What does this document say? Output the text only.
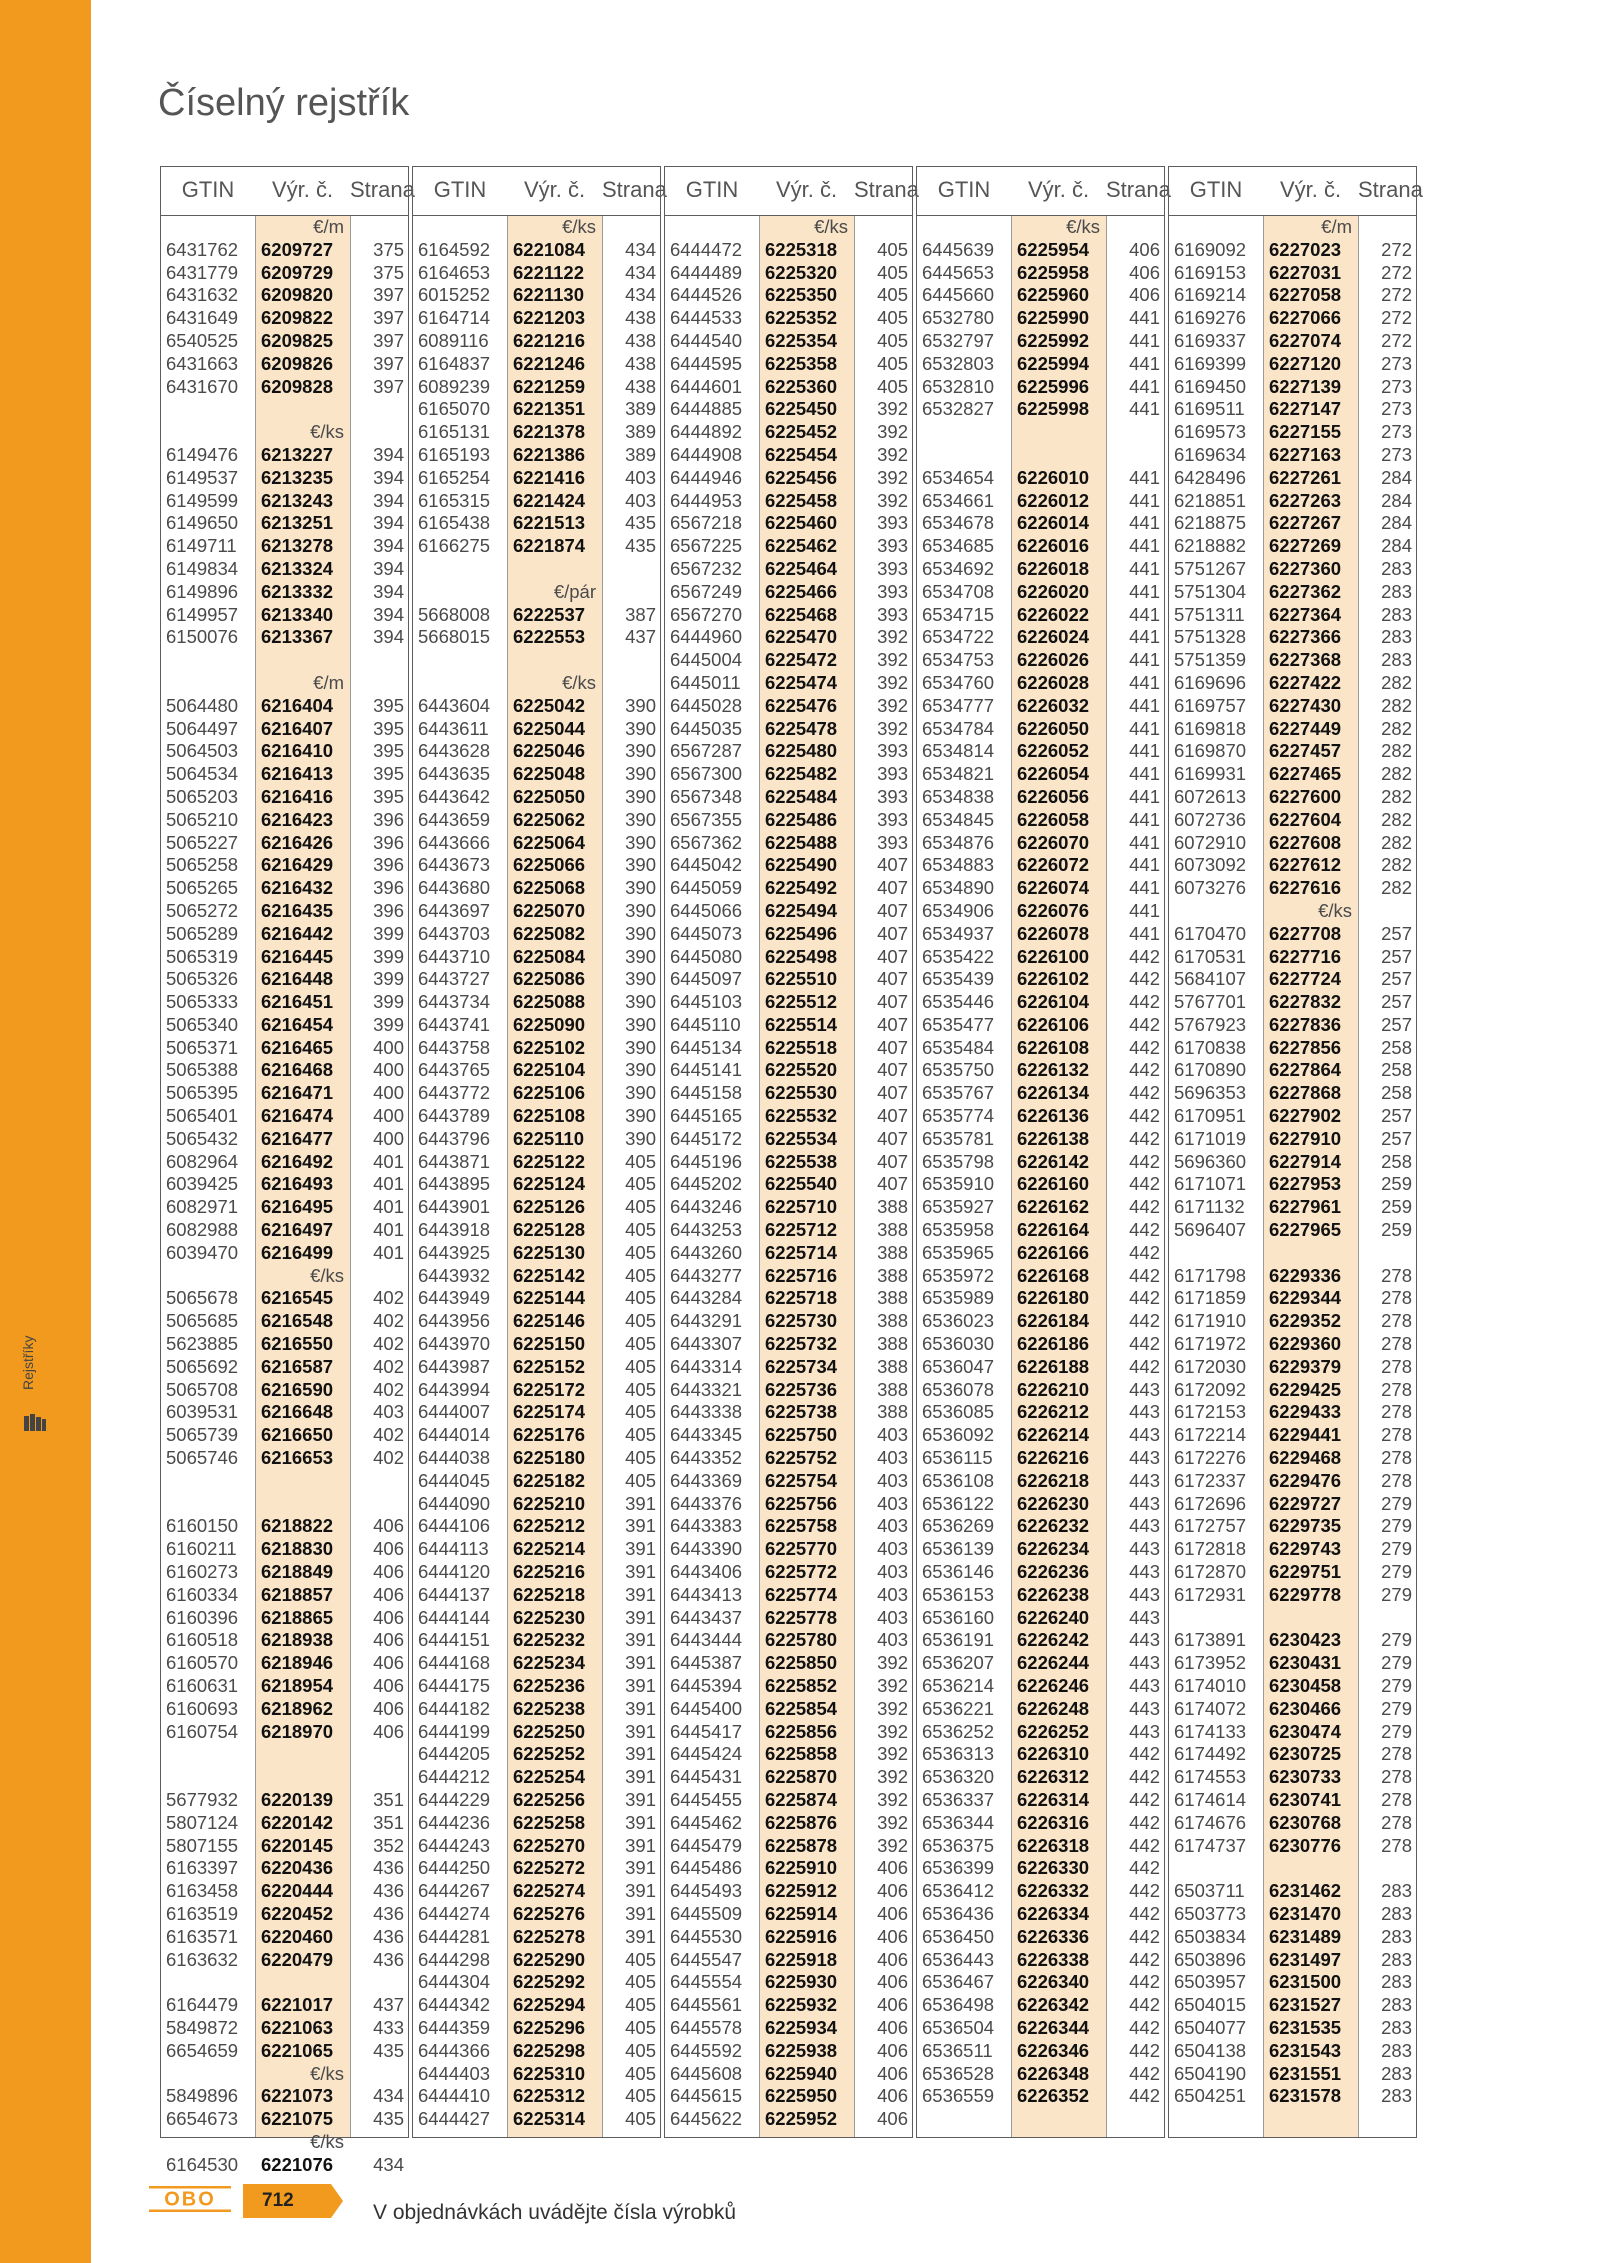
Rejstříky
Číselný rejstřík
GTIN	Výr. č. Strana
€/m
6431762 6209727 375
6431779 6209729 375
6431632 6209820 397
6431649 6209822 397
6540525 6209825 397
6431663 6209826 397
6431670 6209828 397
€/ks
6149476 6213227 394
6149537 6213235 394
6149599 6213243 394
6149650 6213251 394
6149711 6213278 394
6149834 6213324 394
6149896 6213332 394
6149957 6213340 394
6150076 6213367 394
€/m
5064480 6216404 395
5064497 6216407 395
5064503 6216410 395
5064534 6216413 395
5065203 6216416 395
5065210 6216423 396
5065227 6216426 396
5065258 6216429 396
5065265 6216432 396
5065272 6216435 396
5065289 6216442 399
5065319 6216445 399
5065326 6216448 399
5065333 6216451 399
5065340 6216454 399
5065371 6216465 400
5065388 6216468 400
5065395 6216471 400
5065401 6216474 400
5065432 6216477 400
6082964 6216492 401
6039425 6216493 401
6082971 6216495 401
6082988 6216497 401
6039470 6216499 401
€/ks
5065678 6216545 402
5065685 6216548 402
5623885 6216550 402
5065692 6216587 402
5065708 6216590 402
6039531 6216648 403
5065739 6216650 402
5065746 6216653 402
6160150 6218822 406
6160211 6218830 406
6160273 6218849 406
6160334 6218857 406
6160396 6218865 406
6160518 6218938 406
6160570 6218946 406
6160631 6218954 406
6160693 6218962 406
6160754 6218970 406
5677932 6220139 351
5807124 6220142 351
5807155 6220145 352
6163397 6220436 436
6163458 6220444 436
6163519 6220452 436
6163571 6220460 436
6163632 6220479 436
6164479 6221017 437
5849872 6221063 433
6654659 6221065 435
€/ks
5849896 6221073 434
6654673 6221075 435
€/ks
6164530 6221076 434
GTIN	Výr. č. Strana
€/ks
6164592 6221084 434
6164653 6221122 434
6015252 6221130 434
6164714 6221203 438
6089116 6221216 438
6164837 6221246 438
6089239 6221259 438
6165070 6221351 389
6165131 6221378 389
6165193 6221386 389
6165254 6221416 403
6165315 6221424 403
6165438 6221513 435
6166275 6221874 435
€/pár
5668008 6222537 387
5668015 6222553 437
€/ks
6443604 6225042 390
6443611 6225044 390
6443628 6225046 390
6443635 6225048 390
6443642 6225050 390
6443659 6225062 390
6443666 6225064 390
6443673 6225066 390
6443680 6225068 390
6443697 6225070 390
6443703 6225082 390
6443710 6225084 390
6443727 6225086 390
6443734 6225088 390
6443741 6225090 390
6443758 6225102 390
6443765 6225104 390
6443772 6225106 390
6443789 6225108 390
6443796 6225110 390
6443871 6225122 405
6443895 6225124 405
6443901 6225126 405
6443918 6225128 405
6443925 6225130 405
6443932 6225142 405
6443949 6225144 405
6443956 6225146 405
6443970 6225150 405
6443987 6225152 405
6443994 6225172 405
6444007 6225174 405
6444014 6225176 405
6444038 6225180 405
6444045 6225182 405
6444090 6225210 391
6444106 6225212 391
6444113 6225214 391
6444120 6225216 391
6444137 6225218 391
6444144 6225230 391
6444151 6225232 391
6444168 6225234 391
6444175 6225236 391
6444182 6225238 391
6444199 6225250 391
6444205 6225252 391
6444212 6225254 391
6444229 6225256 391
6444236 6225258 391
6444243 6225270 391
6444250 6225272 391
6444267 6225274 391
6444274 6225276 391
6444281 6225278 391
6444298 6225290 405
6444304 6225292 405
6444342 6225294 405
6444359 6225296 405
6444366 6225298 405
6444403 6225310 405
6444410 6225312 405
6444427 6225314 405
GTIN	Výr. č. Strana
€/ks
6444472 6225318 405
6444489 6225320 405
6444526 6225350 405
6444533 6225352 405
6444540 6225354 405
6444595 6225358 405
6444601 6225360 405
6444885 6225450 392
6444892 6225452 392
6444908 6225454 392
6444946 6225456 392
6444953 6225458 392
6567218 6225460 393
6567225 6225462 393
6567232 6225464 393
6567249 6225466 393
6567270 6225468 393
6444960 6225470 392
6445004 6225472 392
6445011 6225474 392
6445028 6225476 392
6445035 6225478 392
6567287 6225480 393
6567300 6225482 393
6567348 6225484 393
6567355 6225486 393
6567362 6225488 393
6445042 6225490 407
6445059 6225492 407
6445066 6225494 407
6445073 6225496 407
6445080 6225498 407
6445097 6225510 407
6445103 6225512 407
6445110 6225514 407
6445134 6225518 407
6445141 6225520 407
6445158 6225530 407
6445165 6225532 407
6445172 6225534 407
6445196 6225538 407
6445202 6225540 407
6443246 6225710 388
6443253 6225712 388
6443260 6225714 388
6443277 6225716 388
6443284 6225718 388
6443291 6225730 388
6443307 6225732 388
6443314 6225734 388
6443321 6225736 388
6443338 6225738 388
6443345 6225750 403
6443352 6225752 403
6443369 6225754 403
6443376 6225756 403
6443383 6225758 403
6443390 6225770 403
6443406 6225772 403
6443413 6225774 403
6443437 6225778 403
6443444 6225780 403
6445387 6225850 392
6445394 6225852 392
6445400 6225854 392
6445417 6225856 392
6445424 6225858 392
6445431 6225870 392
6445455 6225874 392
6445462 6225876 392
6445479 6225878 392
6445486 6225910 406
6445493 6225912 406
6445509 6225914 406
6445530 6225916 406
6445547 6225918 406
6445554 6225930 406
6445561 6225932 406
6445578 6225934 406
6445592 6225938 406
6445608 6225940 406
6445615 6225950 406
6445622 6225952 406
GTIN	Výr. č. Strana
€/ks
6445639 6225954 406
6445653 6225958 406
6445660 6225960 406
6532780 6225990 441
6532797 6225992 441
6532803 6225994 441
6532810 6225996 441
6532827 6225998 441
6534654 6226010 441
6534661 6226012 441
6534678 6226014 441
6534685 6226016 441
6534692 6226018 441
6534708 6226020 441
6534715 6226022 441
6534722 6226024 441
6534753 6226026 441
6534760 6226028 441
6534777 6226032 441
6534784 6226050 441
6534814 6226052 441
6534821 6226054 441
6534838 6226056 441
6534845 6226058 441
6534876 6226070 441
6534883 6226072 441
6534890 6226074 441
6534906 6226076 441
6534937 6226078 441
6535422 6226100 442
6535439 6226102 442
6535446 6226104 442
6535477 6226106 442
6535484 6226108 442
6535750 6226132 442
6535767 6226134 442
6535774 6226136 442
6535781 6226138 442
6535798 6226142 442
6535910 6226160 442
6535927 6226162 442
6535958 6226164 442
6535965 6226166 442
6535972 6226168 442
6535989 6226180 442
6536023 6226184 442
6536030 6226186 442
6536047 6226188 442
6536078 6226210 443
6536085 6226212 443
6536092 6226214 443
6536115 6226216 443
6536108 6226218 443
6536122 6226230 443
6536269 6226232 443
6536139 6226234 443
6536146 6226236 443
6536153 6226238 443
6536160 6226240 443
6536191 6226242 443
6536207 6226244 443
6536214 6226246 443
6536221 6226248 443
6536252 6226252 443
6536313 6226310 442
6536320 6226312 442
6536337 6226314 442
6536344 6226316 442
6536375 6226318 442
6536399 6226330 442
6536412 6226332 442
6536436 6226334 442
6536450 6226336 442
6536443 6226338 442
6536467 6226340 442
6536498 6226342 442
6536504 6226344 442
6536511 6226346 442
6536528 6226348 442
6536559 6226352 442
GTIN	Výr. č. Strana
€/m
6169092 6227023 272
6169153 6227031 272
6169214 6227058 272
6169276 6227066 272
6169337 6227074 272
6169399 6227120 273
6169450 6227139 273
6169511 6227147 273
6169573 6227155 273
6169634 6227163 273
6428496 6227261 284
6218851 6227263 284
6218875 6227267 284
6218882 6227269 284
5751267 6227360 283
5751304 6227362 283
5751311 6227364 283
5751328 6227366 283
5751359 6227368 283
6169696 6227422 282
6169757 6227430 282
6169818 6227449 282
6169870 6227457 282
6169931 6227465 282
6072613 6227600 282
6072736 6227604 282
6072910 6227608 282
6073092 6227612 282
6073276 6227616 282
€/ks
6170470 6227708 257
6170531 6227716 257
5684107 6227724 257
5767701 6227832 257
5767923 6227836 257
6170838 6227856 258
6170890 6227864 258
5696353 6227868 258
6170951 6227902 257
6171019 6227910 257
5696360 6227914 258
6171071 6227953 259
6171132 6227961 259
5696407 6227965 259
6171798 6229336 278
6171859 6229344 278
6171910 6229352 278
6171972 6229360 278
6172030 6229379 278
6172092 6229425 278
6172153 6229433 278
6172214 6229441 278
6172276 6229468 278
6172337 6229476 278
6172696 6229727 279
6172757 6229735 279
6172818 6229743 279
6172870 6229751 279
6172931 6229778 279
6173891 6230423 279
6173952 6230431 279
6174010 6230458 279
6174072 6230466 279
6174133 6230474 279
6174492 6230725 278
6174553 6230733 278
6174614 6230741 278
6174676 6230768 278
6174737 6230776 278
6503711 6231462 283
6503773 6231470 283
6503834 6231489 283
6503896 6231497 283
6503957 6231500 283
6504015 6231527 283
6504077 6231535 283
6504138 6231543 283
6504190 6231551 283
6504251 6231578 283
OBO 712
V objednávkách uvádějte čísla výrobků
